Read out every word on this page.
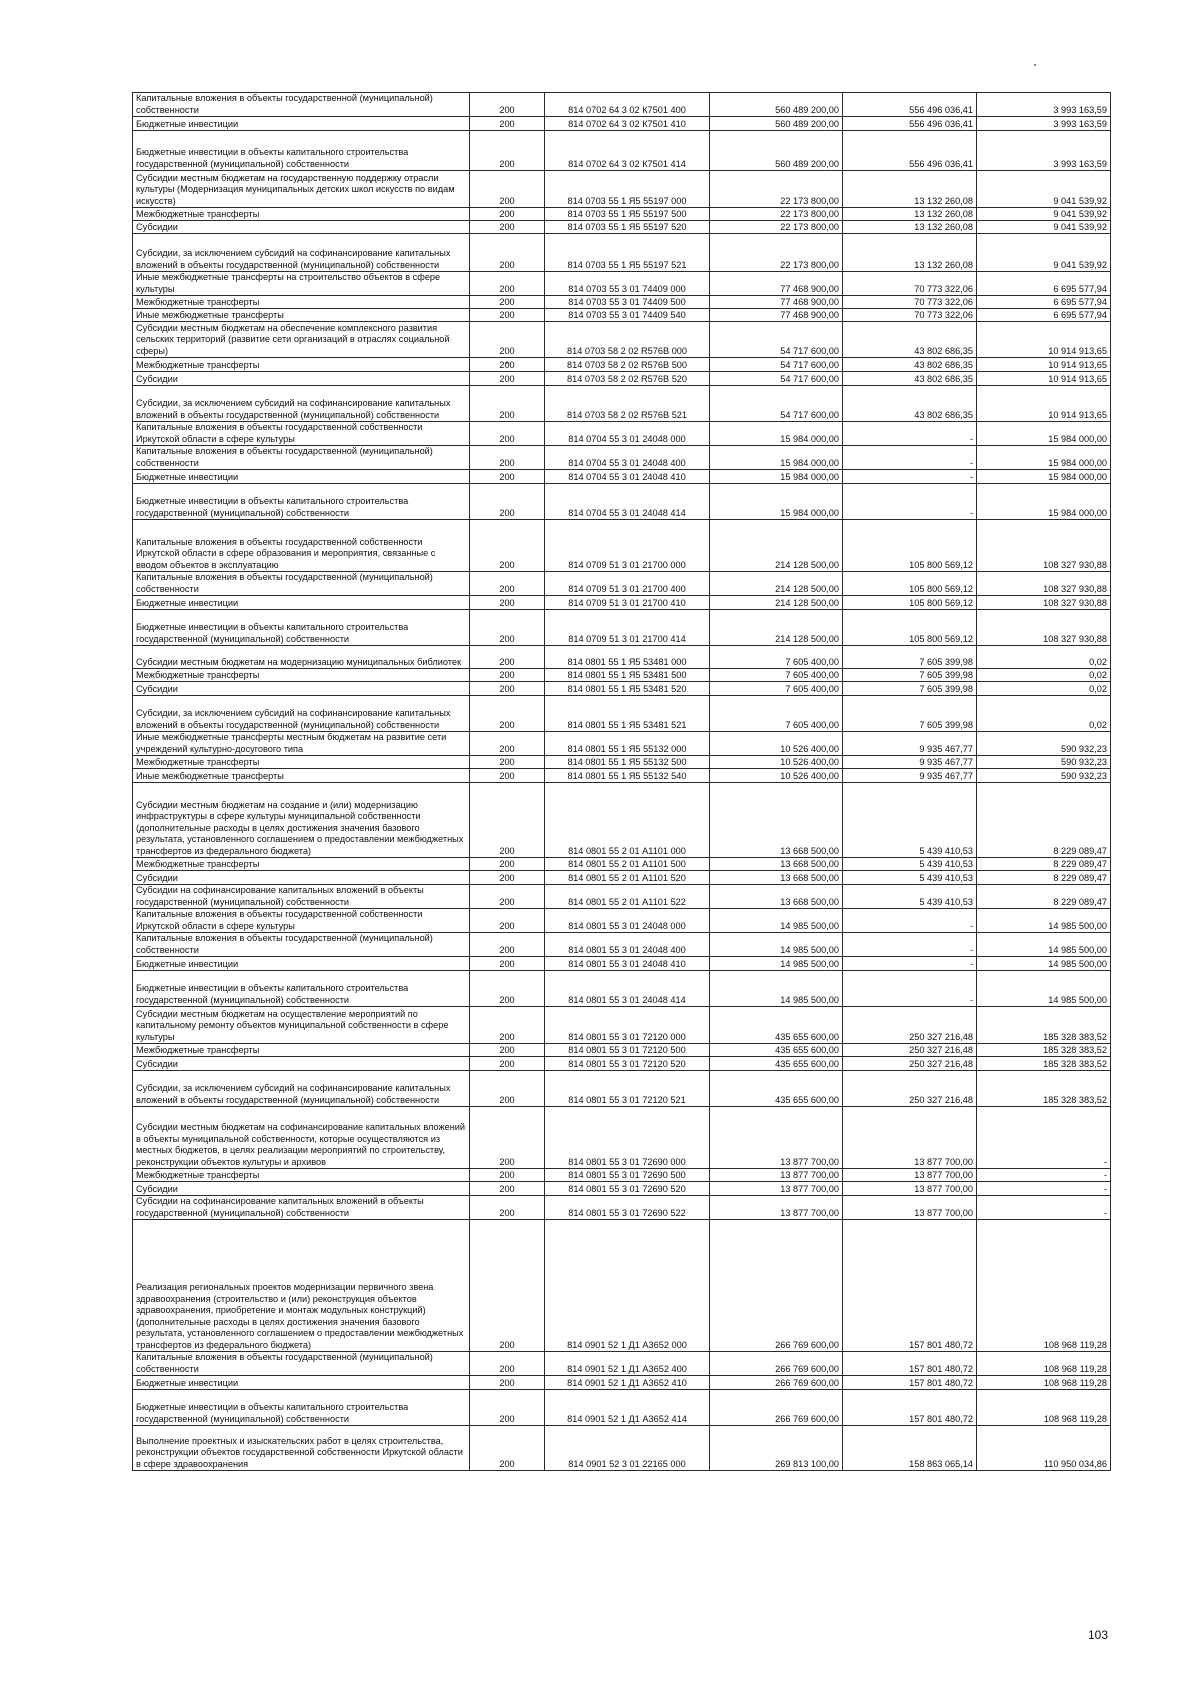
Капитальные вложения в объекты государственной (муниципальной) собственности	200	814 0702 64 3 02 К7501 400	560 489 200,00	556 496 036,41	3 993 163,59
Бюджетные инвестиции	200	814 0702 64 3 02 К7501 410	560 489 200,00	556 496 036,41	3 993 163,59
Бюджетные инвестиции в объекты капитального строительства государственной (муниципальной) собственности	200	814 0702 64 3 02 К7501 414	560 489 200,00	556 496 036,41	3 993 163,59
Субсидии местным бюджетам на государственную поддержку отрасли культуры (Модернизация муниципальных детских школ искусств по видам искусств)	200	814 0703 55 1 Я5 55197 000	22 173 800,00	13 132 260,08	9 041 539,92
Межбюджетные трансферты	200	814 0703 55 1 Я5 55197 500	22 173 800,00	13 132 260,08	9 041 539,92
Субсидии	200	814 0703 55 1 Я5 55197 520	22 173 800,00	13 132 260,08	9 041 539,92
Субсидии, за исключением субсидий на софинансирование капитальных вложений в объекты государственной (муниципальной) собственности	200	814 0703 55 1 Я5 55197 521	22 173 800,00	13 132 260,08	9 041 539,92
Иные межбюджетные трансферты на строительство объектов в сфере культуры	200	814 0703 55 3 01 74409 000	77 468 900,00	70 773 322,06	6 695 577,94
Межбюджетные трансферты	200	814 0703 55 3 01 74409 500	77 468 900,00	70 773 322,06	6 695 577,94
Иные межбюджетные трансферты	200	814 0703 55 3 01 74409 540	77 468 900,00	70 773 322,06	6 695 577,94
Субсидии местным бюджетам на обеспечение комплексного развития сельских территорий (развитие сети организаций в отраслях социальной сферы)	200	814 0703 58 2 02 R576B 000	54 717 600,00	43 802 686,35	10 914 913,65
Межбюджетные трансферты	200	814 0703 58 2 02 R576B 500	54 717 600,00	43 802 686,35	10 914 913,65
Субсидии	200	814 0703 58 2 02 R576B 520	54 717 600,00	43 802 686,35	10 914 913,65
Субсидии, за исключением субсидий на софинансирование капитальных вложений в объекты государственной (муниципальной) собственности	200	814 0703 58 2 02 R576B 521	54 717 600,00	43 802 686,35	10 914 913,65
Капитальные вложения в объекты государственной собственности Иркутской области в сфере культуры	200	814 0704 55 3 01 24048 000	15 984 000,00	-	15 984 000,00
Капитальные вложения в объекты государственной (муниципальной) собственности	200	814 0704 55 3 01 24048 400	15 984 000,00	-	15 984 000,00
Бюджетные инвестиции	200	814 0704 55 3 01 24048 410	15 984 000,00	-	15 984 000,00
Бюджетные инвестиции в объекты капитального строительства государственной (муниципальной) собственности	200	814 0704 55 3 01 24048 414	15 984 000,00	-	15 984 000,00
Капитальные вложения в объекты государственной собственности Иркутской области в сфере образования и мероприятия, связанные с вводом объектов в эксплуатацию	200	814 0709 51 3 01 21700 000	214 128 500,00	105 800 569,12	108 327 930,88
Капитальные вложения в объекты государственной (муниципальной) собственности	200	814 0709 51 3 01 21700 400	214 128 500,00	105 800 569,12	108 327 930,88
Бюджетные инвестиции	200	814 0709 51 3 01 21700 410	214 128 500,00	105 800 569,12	108 327 930,88
Бюджетные инвестиции в объекты капитального строительства государственной (муниципальной) собственности	200	814 0709 51 3 01 21700 414	214 128 500,00	105 800 569,12	108 327 930,88
Субсидии местным бюджетам на модернизацию муниципальных библиотек	200	814 0801 55 1 Я5 53481 000	7 605 400,00	7 605 399,98	0,02
Межбюджетные трансферты	200	814 0801 55 1 Я5 53481 500	7 605 400,00	7 605 399,98	0,02
Субсидии	200	814 0801 55 1 Я5 53481 520	7 605 400,00	7 605 399,98	0,02
Субсидии, за исключением субсидий на софинансирование капитальных вложений в объекты государственной (муниципальной) собственности	200	814 0801 55 1 Я5 53481 521	7 605 400,00	7 605 399,98	0,02
Иные межбюджетные трансферты местным бюджетам на развитие сети учреждений культурно-досугового типа	200	814 0801 55 1 Я5 55132 000	10 526 400,00	9 935 467,77	590 932,23
Межбюджетные трансферты	200	814 0801 55 1 Я5 55132 500	10 526 400,00	9 935 467,77	590 932,23
Иные межбюджетные трансферты	200	814 0801 55 1 Я5 55132 540	10 526 400,00	9 935 467,77	590 932,23
Субсидии местным бюджетам на создание и (или) модернизацию инфраструктуры в сфере культуры муниципальной собственности (дополнительные расходы в целях достижения значения базового результата, установленного соглашением о предоставлении межбюджетных трансфертов из федерального бюджета)	200	814 0801 55 2 01 А1101 000	13 668 500,00	5 439 410,53	8 229 089,47
Межбюджетные трансферты	200	814 0801 55 2 01 А1101 500	13 668 500,00	5 439 410,53	8 229 089,47
Субсидии	200	814 0801 55 2 01 А1101 520	13 668 500,00	5 439 410,53	8 229 089,47
Субсидии на софинансирование капитальных вложений в объекты государственной (муниципальной) собственности	200	814 0801 55 2 01 А1101 522	13 668 500,00	5 439 410,53	8 229 089,47
Капитальные вложения в объекты государственной собственности Иркутской области в сфере культуры	200	814 0801 55 3 01 24048 000	14 985 500,00	-	14 985 500,00
Капитальные вложения в объекты государственной (муниципальной) собственности	200	814 0801 55 3 01 24048 400	14 985 500,00	-	14 985 500,00
Бюджетные инвестиции	200	814 0801 55 3 01 24048 410	14 985 500,00	-	14 985 500,00
Бюджетные инвестиции в объекты капитального строительства государственной (муниципальной) собственности	200	814 0801 55 3 01 24048 414	14 985 500,00	-	14 985 500,00
Субсидии местным бюджетам на осуществление мероприятий по капитальному ремонту объектов муниципальной собственности в сфере культуры	200	814 0801 55 3 01 72120 000	435 655 600,00	250 327 216,48	185 328 383,52
Межбюджетные трансферты	200	814 0801 55 3 01 72120 500	435 655 600,00	250 327 216,48	185 328 383,52
Субсидии	200	814 0801 55 3 01 72120 520	435 655 600,00	250 327 216,48	185 328 383,52
Субсидии, за исключением субсидий на софинансирование капитальных вложений в объекты государственной (муниципальной) собственности	200	814 0801 55 3 01 72120 521	435 655 600,00	250 327 216,48	185 328 383,52
Субсидии местным бюджетам на софинансирование капитальных вложений в объекты муниципальной собственности, которые осуществляются из местных бюджетов, в целях реализации мероприятий по строительству, реконструкции объектов культуры и архивов	200	814 0801 55 3 01 72690 000	13 877 700,00	13 877 700,00	-
Межбюджетные трансферты	200	814 0801 55 3 01 72690 500	13 877 700,00	13 877 700,00	-
Субсидии	200	814 0801 55 3 01 72690 520	13 877 700,00	13 877 700,00	-
Субсидии на софинансирование капитальных вложений в объекты государственной (муниципальной) собственности	200	814 0801 55 3 01 72690 522	13 877 700,00	13 877 700,00	-
Реализация региональных проектов модернизации первичного звена здравоохранения (строительство и (или) реконструкция объектов здравоохранения, приобретение и монтаж модульных конструкций) (дополнительные расходы в целях достижения значения базового результата, установленного соглашением о предоставлении межбюджетных трансфертов из федерального бюджета)	200	814 0901 52 1 Д1 А3652 000	266 769 600,00	157 801 480,72	108 968 119,28
Капитальные вложения в объекты государственной (муниципальной) собственности	200	814 0901 52 1 Д1 А3652 400	266 769 600,00	157 801 480,72	108 968 119,28
Бюджетные инвестиции	200	814 0901 52 1 Д1 А3652 410	266 769 600,00	157 801 480,72	108 968 119,28
Бюджетные инвестиции в объекты капитального строительства государственной (муниципальной) собственности	200	814 0901 52 1 Д1 А3652 414	266 769 600,00	157 801 480,72	108 968 119,28
Выполнение проектных и изыскательских работ в целях строительства, реконструкции объектов государственной собственности Иркутской области в сфере здравоохранения	200	814 0901 52 3 01 22165 000	269 813 100,00	158 863 065,14	110 950 034,86
103
